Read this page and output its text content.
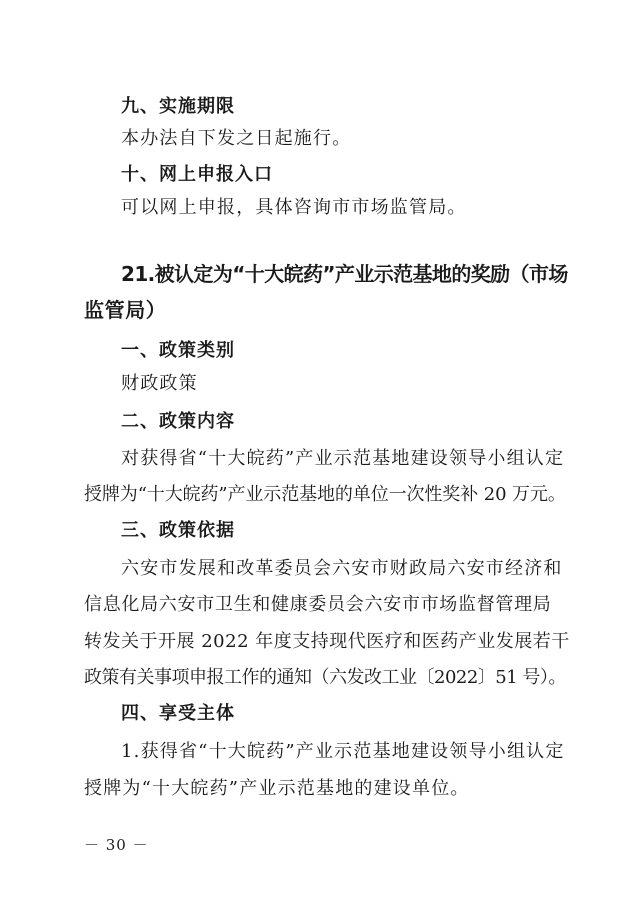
九、实施期限
本办法自下发之日起施行。
十、网上申报入口
可以网上申报，具体咨询市市场监管局。
21.被认定为“十大皖药”产业示范基地的奖励（市场
监管局）
一、政策类别
财政政策
二、政策内容
对获得省“十大皖药”产业示范基地建设领导小组认定
授牌为“十大皖药”产业示范基地的单位一次性奖补 20 万元。
三、政策依据
六安市发展和改革委员会六安市财政局六安市经济和
信息化局六安市卫生和健康委员会六安市市场监督管理局
转发关于开展 2022 年度支持现代医疗和医药产业发展若干
政策有关事项申报工作的通知（六发改工业〔2022〕51 号）。
四、享受主体
1.获得省“十大皖药”产业示范基地建设领导小组认定
授牌为“十大皖药”产业示范基地的建设单位。
－ 30 －
